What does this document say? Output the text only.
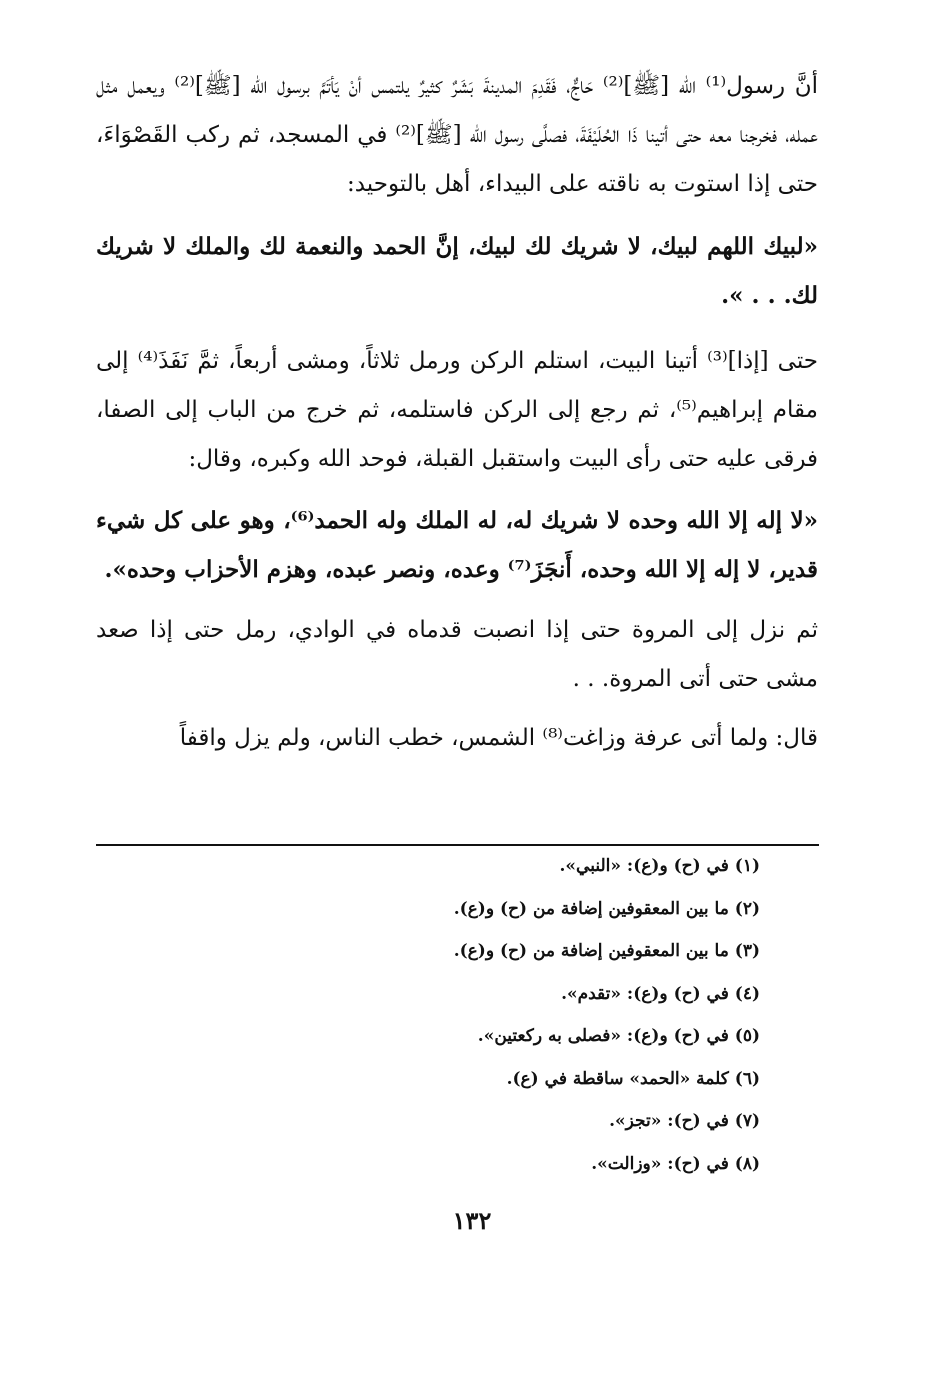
أنَّ رسول⁽¹⁾ الله [ﷺ]⁽²⁾ حَاجٌّ، فَقَدِمَ المدينةَ بَشَرٌ كثيرٌ يلتمس أنْ يَأتَمَّ برسول الله [ﷺ]⁽²⁾ ويعمل مثل عمله، فخرجنا معه حتى أتينا ذَا الحُلَيْفَةَ، فصلَّى رسول الله [ﷺ]⁽²⁾ في المسجد، ثم ركب القَصْوَاءَ، حتى إذا استوت به ناقته على البيداء، أهل بالتوحيد:

«لبيك اللهم لبيك، لا شريك لك لبيك، إنَّ الحمد والنعمة لك والملك لا شريك لك. . . ».

حتى [إذا]⁽³⁾ أتينا البيت، استلم الركن ورمل ثلاثاً، ومشى أربعاً، ثمَّ نَفَذَ⁽⁴⁾ إلى مقام إبراهيم⁽⁵⁾، ثم رجع إلى الركن فاستلمه، ثم خرج من الباب إلى الصفا، فرقى عليه حتى رأى البيت واستقبل القبلة، فوحد الله وكبره، وقال:

«لا إله إلا الله وحده لا شريك له، له الملك وله الحمد⁽⁶⁾، وهو على كل شيء قدير، لا إله إلا الله وحده، أَنجَزَ⁽⁷⁾ وعده، ونصر عبده، وهزم الأحزاب وحده».

ثم نزل إلى المروة حتى إذا انصبت قدماه في الوادي، رمل حتى إذا صعد مشى حتى أتى المروة. . .

قال: ولما أتى عرفة وزاغت⁽⁸⁾ الشمس، خطب الناس، ولم يزل واقفاً

(١) في (ح) و(ع): «النبي».
(٢) ما بين المعقوفين إضافة من (ح) و(ع).
(٣) ما بين المعقوفين إضافة من (ح) و(ع).
(٤) في (ح) و(ع): «تقدم».
(٥) في (ح) و(ع): «فصلى به ركعتين».
(٦) كلمة «الحمد» ساقطة في (ع).
(٧) في (ح): «تجز».
(٨) في (ح): «وزالت».
١٣٢
